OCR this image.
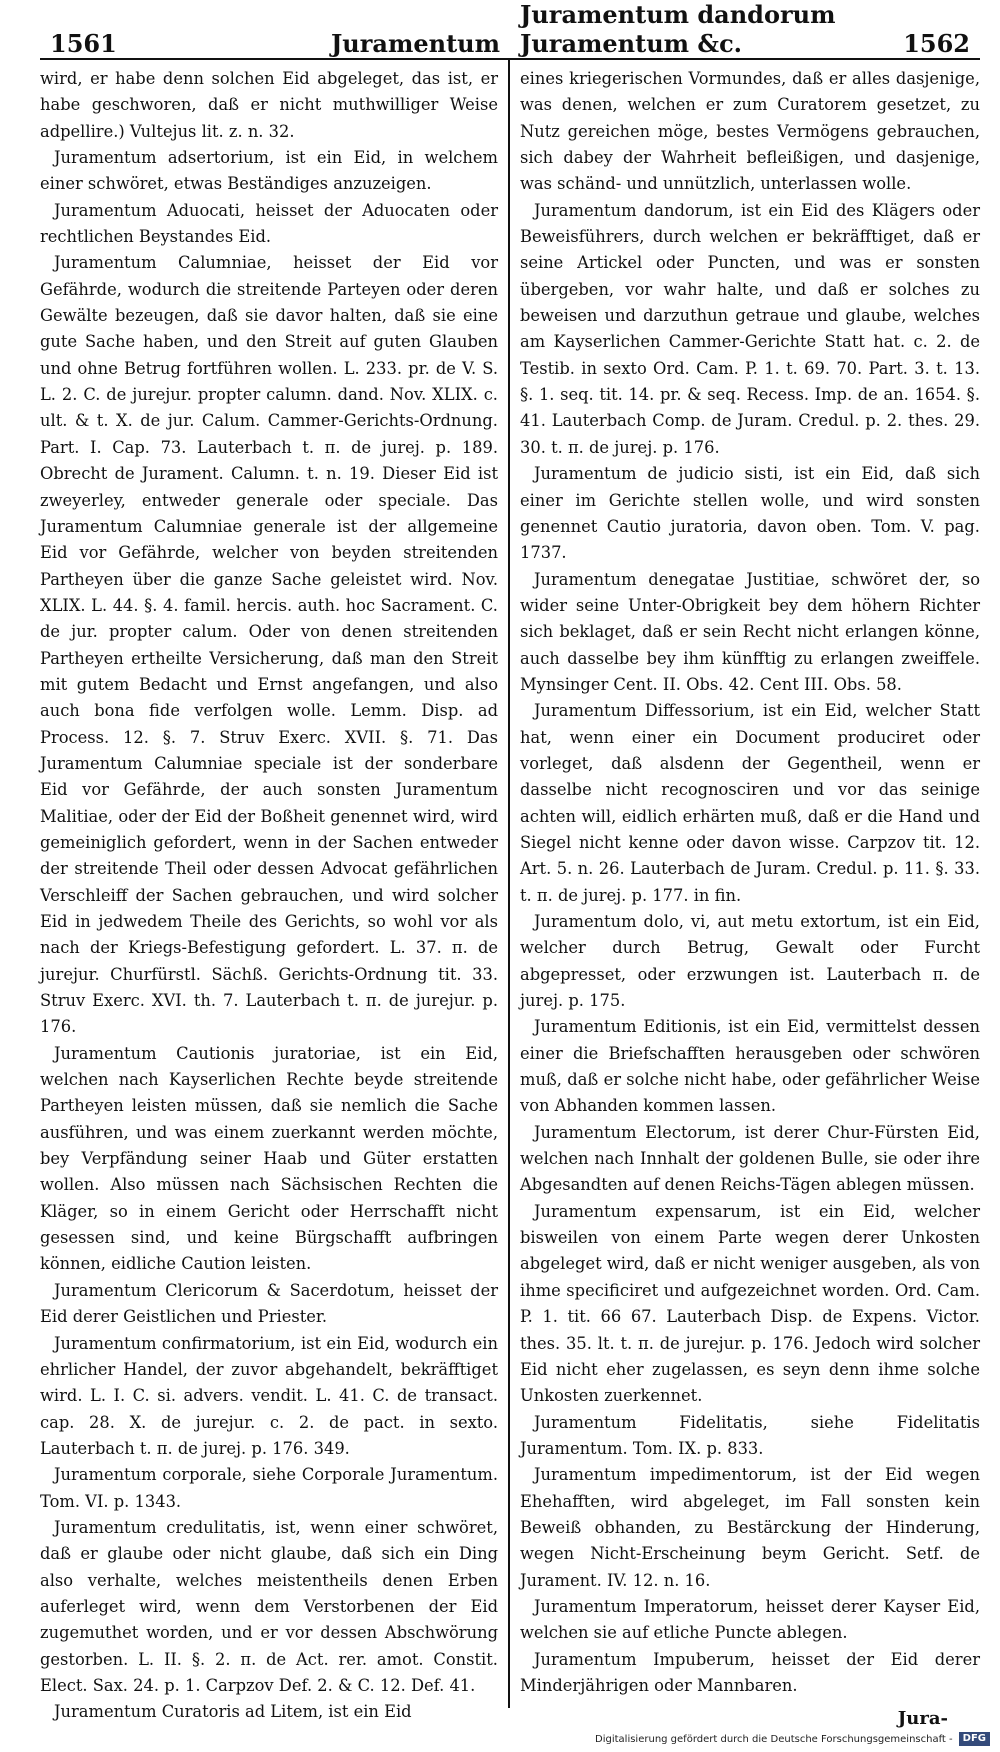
1561	Juramentum
Juramentum dandorum Juramentum &c.	1562

wird, er habe denn solchen Eid abgeleget, das ist, er habe geschworen, daß er nicht muthwilliger Weise adpellire.) Vultejus lit. z. n. 32.

Juramentum adsertorium, ist ein Eid, in welchem einer schwöret, etwas Beständiges anzuzeigen.

Juramentum Aduocati, heisset der Aduocaten oder rechtlichen Beystandes Eid.

Juramentum Calumniae, heisset der Eid vor Gefährde, wodurch die streitende Parteyen oder deren Gewälte bezeugen, daß sie davor halten, daß sie eine gute Sache haben, und den Streit auf guten Glauben und ohne Betrug fortführen wollen. L. 233. pr. de V. S. L. 2. C. de jurejur. propter calumn. dand. Nov. XLIX. c. ult. & t. X. de jur. Calum. Cammer-Gerichts-Ordnung. Part. I. Cap. 73. Lauterbach t. π. de jurej. p. 189. Obrecht de Jurament. Calumn. t. n. 19. Dieser Eid ist zweyerley, entweder generale oder speciale. Das Juramentum Calumniae generale ist der allgemeine Eid vor Gefährde, welcher von beyden streitenden Partheyen über die ganze Sache geleistet wird. Nov. XLIX. L. 44. §. 4. famil. hercis. auth. hoc Sacrament. C. de jur. propter calum. Oder von denen streitenden Partheyen ertheilte Versicherung, daß man den Streit mit gutem Bedacht und Ernst angefangen, und also auch bona fide verfolgen wolle. Lemm. Disp. ad Process. 12. §. 7. Struv Exerc. XVII. §. 71. Das Juramentum Calumniae speciale ist der sonderbare Eid vor Gefährde, der auch sonsten Juramentum Malitiae, oder der Eid der Boßheit genennet wird, wird gemeiniglich gefordert, wenn in der Sachen entweder der streitende Theil oder dessen Advocat gefährlichen Verschleiff der Sachen gebrauchen, und wird solcher Eid in jedwedem Theile des Gerichts, so wohl vor als nach der Kriegs-Befestigung gefordert. L. 37. π. de jurejur. Churfürstl. Sächß. Gerichts-Ordnung tit. 33. Struv Exerc. XVI. th. 7. Lauterbach t. π. de jurejur. p. 176.

Juramentum Cautionis juratoriae, ist ein Eid, welchen nach Kayserlichen Rechte beyde streitende Partheyen leisten müssen, daß sie nemlich die Sache ausführen, und was einem zuerkannt werden möchte, bey Verpfändung seiner Haab und Güter erstatten wollen. Also müssen nach Sächsischen Rechten die Kläger, so in einem Gericht oder Herrschafft nicht gesessen sind, und keine Bürgschafft aufbringen können, eidliche Caution leisten.

Juramentum Clericorum & Sacerdotum, heisset der Eid derer Geistlichen und Priester.

Juramentum confirmatorium, ist ein Eid, wodurch ein ehrlicher Handel, der zuvor abgehandelt, bekräfftiget wird. L. I. C. si. advers. vendit. L. 41. C. de transact. cap. 28. X. de jurejur. c. 2. de pact. in sexto. Lauterbach t. π. de jurej. p. 176. 349.

Juramentum corporale, siehe Corporale Juramentum. Tom. VI. p. 1343.

Juramentum credulitatis, ist, wenn einer schwöret, daß er glaube oder nicht glaube, daß sich ein Ding also verhalte, welches meistentheils denen Erben auferleget wird, wenn dem Verstorbenen der Eid zugemuthet worden, und er vor dessen Abschwörung gestorben. L. II. §. 2. π. de Act. rer. amot. Constit. Elect. Sax. 24. p. 1. Carpzov Def. 2. & C. 12. Def. 41.

Juramentum Curatoris ad Litem, ist ein Eid

eines kriegerischen Vormundes, daß er alles dasjenige, was denen, welchen er zum Curatorem gesetzet, zu Nutz gereichen möge, bestes Vermögens gebrauchen, sich dabey der Wahrheit befleißigen, und dasjenige, was schänd- und unnützlich, unterlassen wolle.

Juramentum dandorum, ist ein Eid des Klägers oder Beweisführers, durch welchen er bekräfftiget, daß er seine Artickel oder Puncten, und was er sonsten übergeben, vor wahr halte, und daß er solches zu beweisen und darzuthun getraue und glaube, welches am Kayserlichen Cammer-Gerichte Statt hat. c. 2. de Testib. in sexto Ord. Cam. P. 1. t. 69. 70. Part. 3. t. 13. §. 1. seq. tit. 14. pr. & seq. Recess. Imp. de an. 1654. §. 41. Lauterbach Comp. de Juram. Credul. p. 2. thes. 29. 30. t. π. de jurej. p. 176.

Juramentum de judicio sisti, ist ein Eid, daß sich einer im Gerichte stellen wolle, und wird sonsten genennet Cautio juratoria, davon oben. Tom. V. pag. 1737.

Juramentum denegatae Justitiae, schwöret der, so wider seine Unter-Obrigkeit bey dem höhern Richter sich beklaget, daß er sein Recht nicht erlangen könne, auch dasselbe bey ihm künfftig zu erlangen zweiffele. Mynsinger Cent. II. Obs. 42. Cent III. Obs. 58.

Juramentum Diffessorium, ist ein Eid, welcher Statt hat, wenn einer ein Document produciret oder vorleget, daß alsdenn der Gegentheil, wenn er dasselbe nicht recognosciren und vor das seinige achten will, eidlich erhärten muß, daß er die Hand und Siegel nicht kenne oder davon wisse. Carpzov tit. 12. Art. 5. n. 26. Lauterbach de Juram. Credul. p. 11. §. 33. t. π. de jurej. p. 177. in fin.

Juramentum dolo, vi, aut metu extortum, ist ein Eid, welcher durch Betrug, Gewalt oder Furcht abgepresset, oder erzwungen ist. Lauterbach π. de jurej. p. 175.

Juramentum Editionis, ist ein Eid, vermittelst dessen einer die Briefschafften herausgeben oder schwören muß, daß er solche nicht habe, oder gefährlicher Weise von Abhanden kommen lassen.

Juramentum Electorum, ist derer Chur-Fürsten Eid, welchen nach Innhalt der goldenen Bulle, sie oder ihre Abgesandten auf denen Reichs-Tägen ablegen müssen.

Juramentum expensarum, ist ein Eid, welcher bisweilen von einem Parte wegen derer Unkosten abgeleget wird, daß er nicht weniger ausgeben, als von ihme specificiret und aufgezeichnet worden. Ord. Cam. P. 1. tit. 66 67. Lauterbach Disp. de Expens. Victor. thes. 35. lt. t. π. de jurejur. p. 176. Jedoch wird solcher Eid nicht eher zugelassen, es seyn denn ihme solche Unkosten zuerkennet.

Juramentum Fidelitatis, siehe Fidelitatis Juramentum. Tom. IX. p. 833.

Juramentum impedimentorum, ist der Eid wegen Ehehafften, wird abgeleget, im Fall sonsten kein Beweiß obhanden, zu Bestärckung der Hinderung, wegen Nicht-Erscheinung beym Gericht. Setf. de Jurament. IV. 12. n. 16.

Juramentum Imperatorum, heisset derer Kayser Eid, welchen sie auf etliche Puncte ablegen.

Juramentum Impuberum, heisset der Eid derer Minderjährigen oder Mannbaren.

Jura-
Digitalisierung gefördert durch die Deutsche Forschungsgemeinschaft -	DFG
